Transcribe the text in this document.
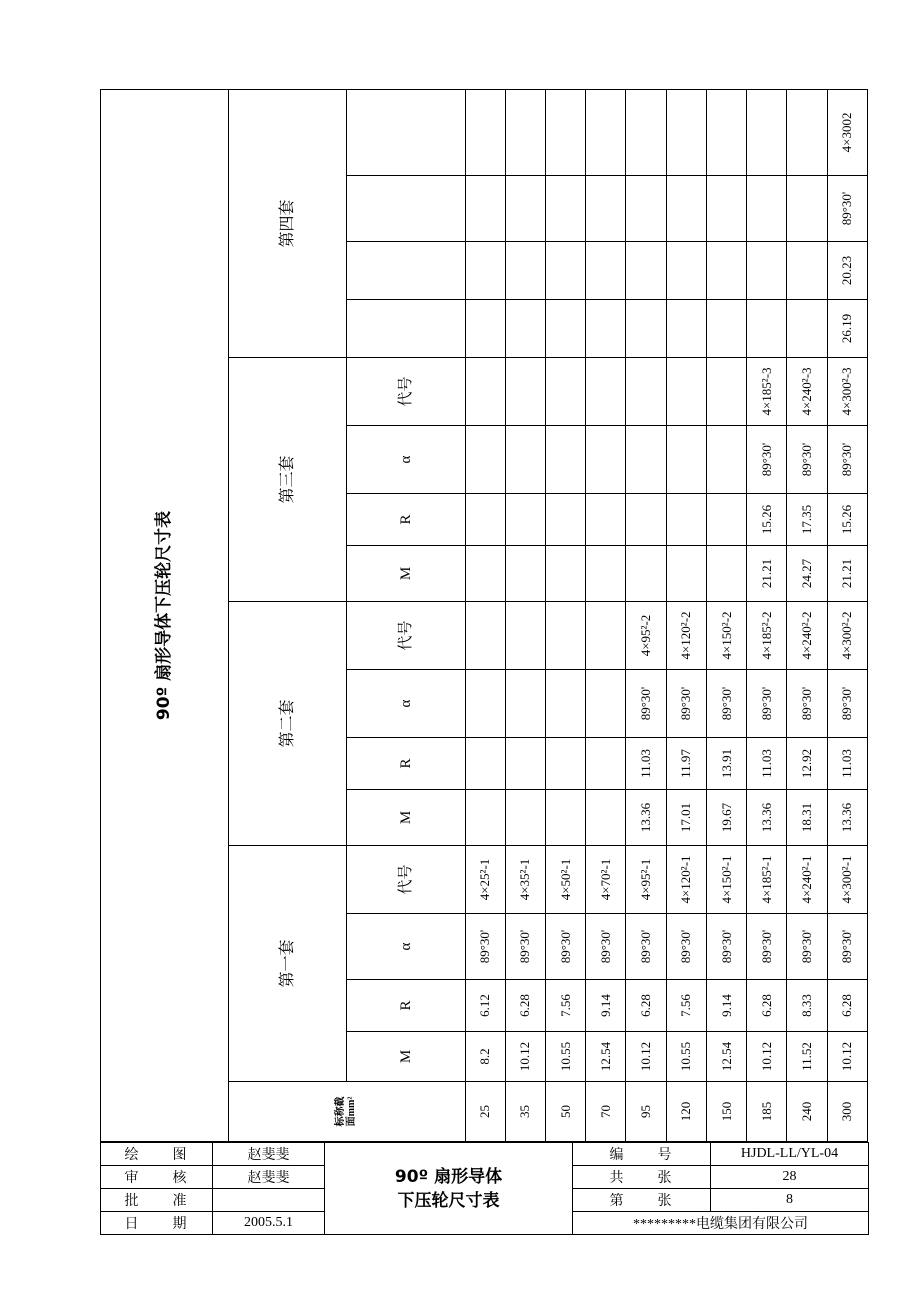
90º 扇形导体下压轮尺寸表																
标称截面mm²	第一套				第二套				第三套				第四套			
	M	R	α	代号	M	R	α	代号	M	R	α	代号				
25	8.2	6.12	89°30'	4×25²-1												
35	10.12	6.28	89°30'	4×35²-1												
50	10.55	7.56	89°30'	4×50²-1												
70	12.54	9.14	89°30'	4×70²-1												
95	10.12	6.28	89°30'	4×95²-1	13.36	11.03	89°30'	4×95²-2								
120	10.55	7.56	89°30'	4×120²-1	17.01	11.97	89°30'	4×120²-2								
150	12.54	9.14	89°30'	4×150²-1	19.67	13.91	89°30'	4×150²-2								
185	10.12	6.28	89°30'	4×185²-1	13.36	11.03	89°30'	4×185²-2	21.21	15.26	89°30'	4×185²-3				
240	11.52	8.33	89°30'	4×240²-1	18.31	12.92	89°30'	4×240²-2	24.27	17.35	89°30'	4×240²-3				
300	10.12	6.28	89°30'	4×300²-1	13.36	11.03	89°30'	4×300²-2	21.21	15.26	89°30'	4×300²-3	26.19	20.23	89°30'	4×3002
绘　　图	赵斐斐	90º 扇形导体
下压轮尺寸表	编　　号	HJDL-LL/YL-04
审　　核	赵斐斐		共　　张	28
批　　准			第　　张	8
日　　期	2005.5.1		*********电缆集团有限公司	
